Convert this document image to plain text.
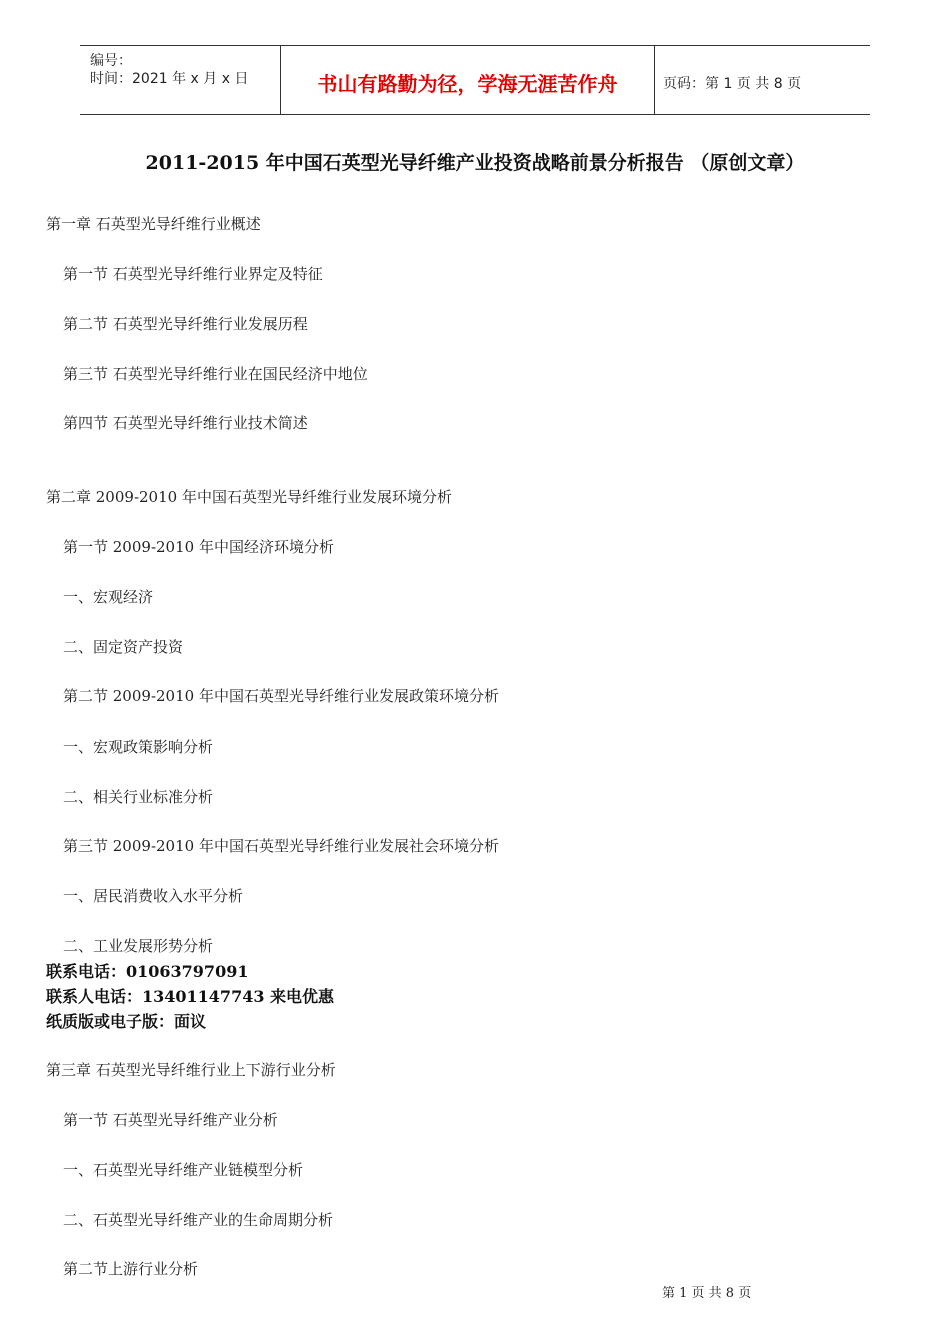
编号：
时间：2021 年 x 月 x 日	书山有路勤为径，学海无涯苦作舟	页码：第 1 页 共 8 页
2011-2015 年中国石英型光导纤维产业投资战略前景分析报告 （原创文章）
第一章 石英型光导纤维行业概述
第一节 石英型光导纤维行业界定及特征
第二节 石英型光导纤维行业发展历程
第三节 石英型光导纤维行业在国民经济中地位
第四节 石英型光导纤维行业技术简述
第二章 2009-2010 年中国石英型光导纤维行业发展环境分析
第一节 2009-2010 年中国经济环境分析
一、宏观经济
二、固定资产投资
第二节 2009-2010 年中国石英型光导纤维行业发展政策环境分析
一、宏观政策影响分析
二、相关行业标准分析
第三节 2009-2010 年中国石英型光导纤维行业发展社会环境分析
一、居民消费收入水平分析
二、工业发展形势分析
联系电话：01063797091
联系人电话：13401147743 来电优惠
纸质版或电子版：面议
第三章 石英型光导纤维行业上下游行业分析
第一节 石英型光导纤维产业分析
一、石英型光导纤维产业链模型分析
二、石英型光导纤维产业的生命周期分析
第二节上游行业分析
第 1 页 共 8 页
